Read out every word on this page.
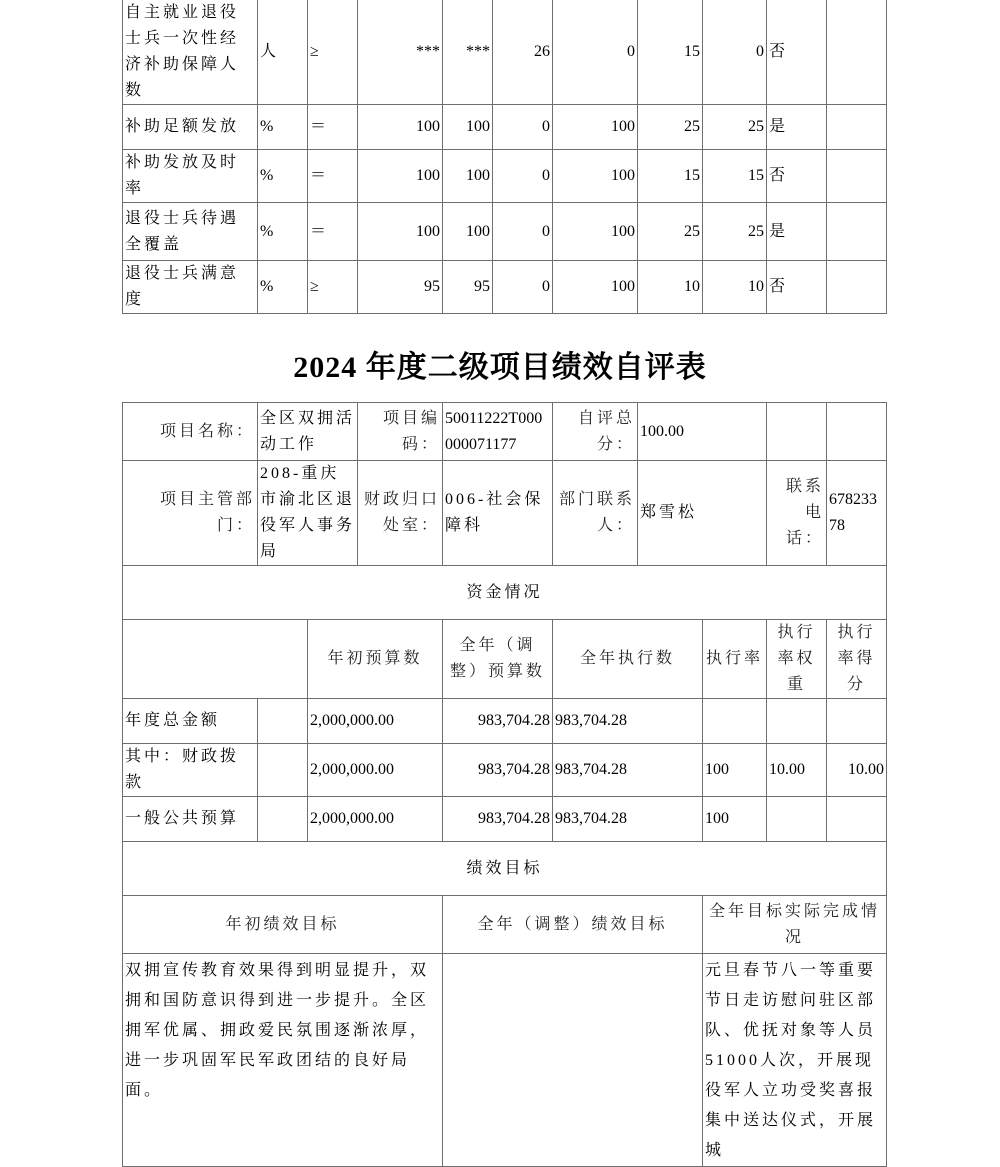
自主就业退役士兵一次性经济补助保障人数	人	≥	***	***	26	0	15	0	否	
补助足额发放	%	＝	100	100	0	100	25	25	是	
补助发放及时率	%	＝	100	100	0	100	15	15	否	
退役士兵待遇全覆盖	%	＝	100	100	0	100	25	25	是	
退役士兵满意度	%	≥	95	95	0	100	10	10	否	
2024 年度二级项目绩效自评表
项目名称：	全区双拥活动工作		项目编码：	50011222T000000071177	自评总分：	100.00			
项目主管部门：	208-重庆市渝北区退役军人事务局		财政归口处室：	006-社会保障科	部门联系人：	郑雪松		联系电话：	67823378
资金情况									
		年初预算数		全年（调整）预算数	全年执行数		执行率	执行率权重	执行率得分
年度总金额		2,000,000.00		983,704.28	983,704.28				
其中：财政拨款		2,000,000.00		983,704.28	983,704.28		100	10.00	10.00
一般公共预算		2,000,000.00		983,704.28	983,704.28		100		
绩效目标									
年初绩效目标				全年（调整）绩效目标			全年目标实际完成情况		
双拥宣传教育效果得到明显提升，双拥和国防意识得到进一步提升。全区拥军优属、拥政爱民氛围逐渐浓厚，进一步巩固军民军政团结的良好局面。							元旦春节八一等重要节日走访慰问驻区部队、优抚对象等人员51000人次，开展现役军人立功受奖喜报集中送达仪式，开展城		
